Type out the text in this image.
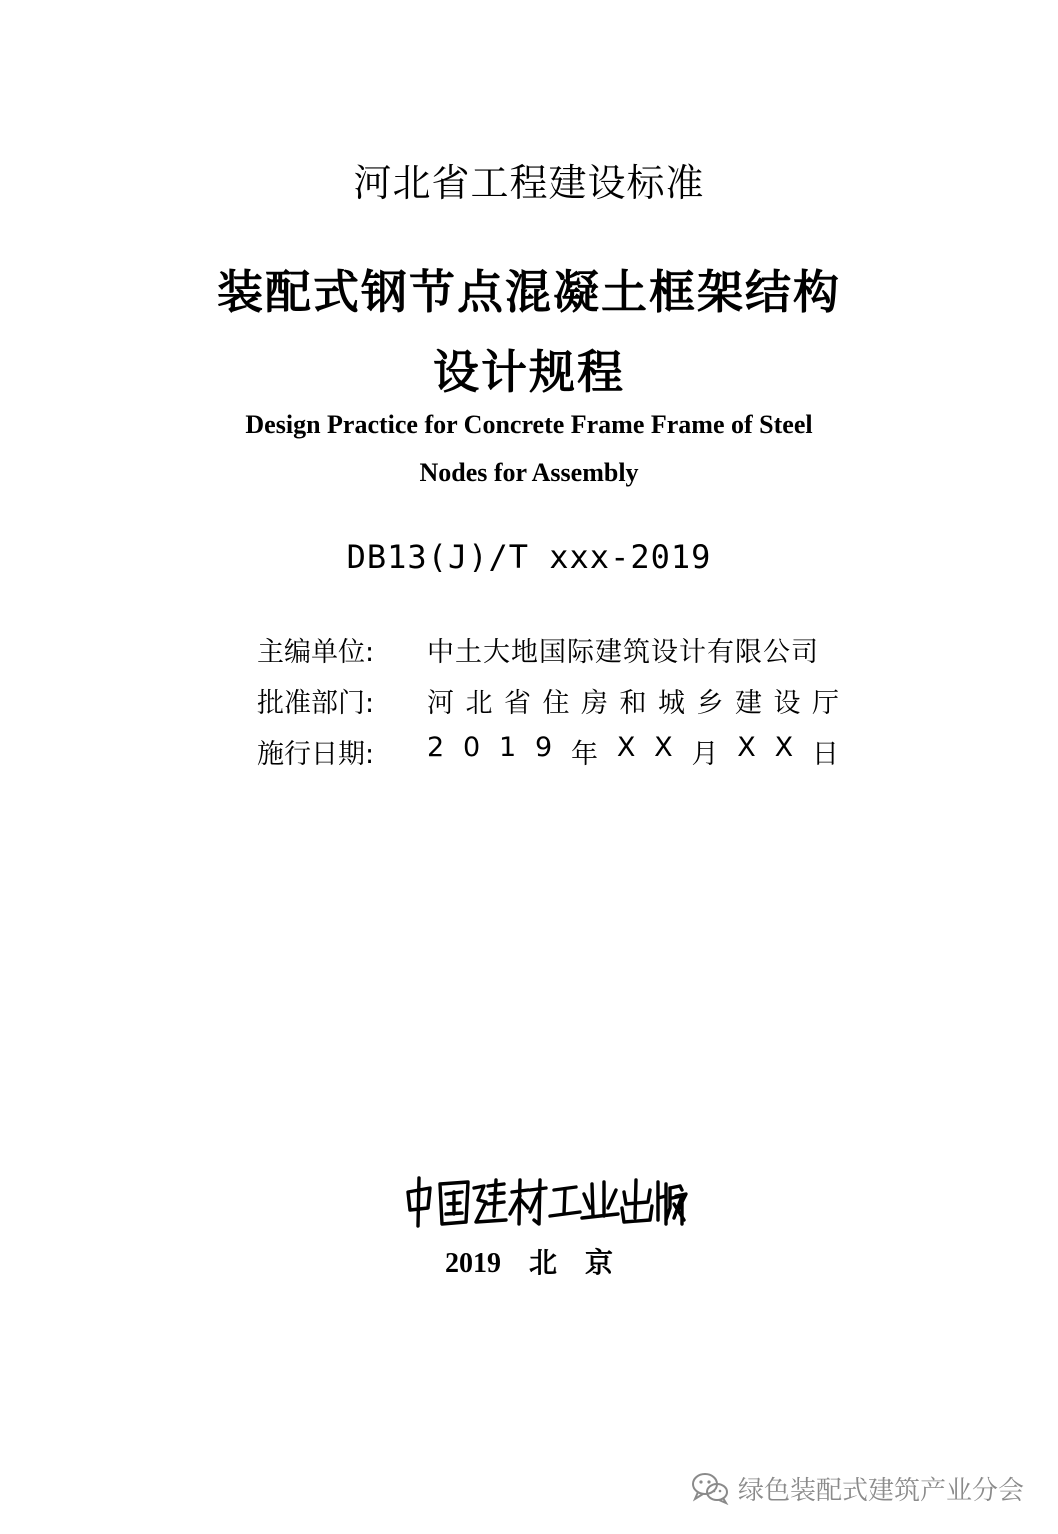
河北省工程建设标准
装配式钢节点混凝土框架结构
设计规程
Design Practice for Concrete Frame Frame of Steel
Nodes for Assembly
DB13(J)/T xxx-2019
主编单位:	中土大地国际建筑设计有限公司
批准部门:	河 北 省 住 房 和 城 乡 建 设 厅
施行日期:	2 0 1 9 年 X X 月 X X 日
2019 北 京
绿色装配式建筑产业分会
